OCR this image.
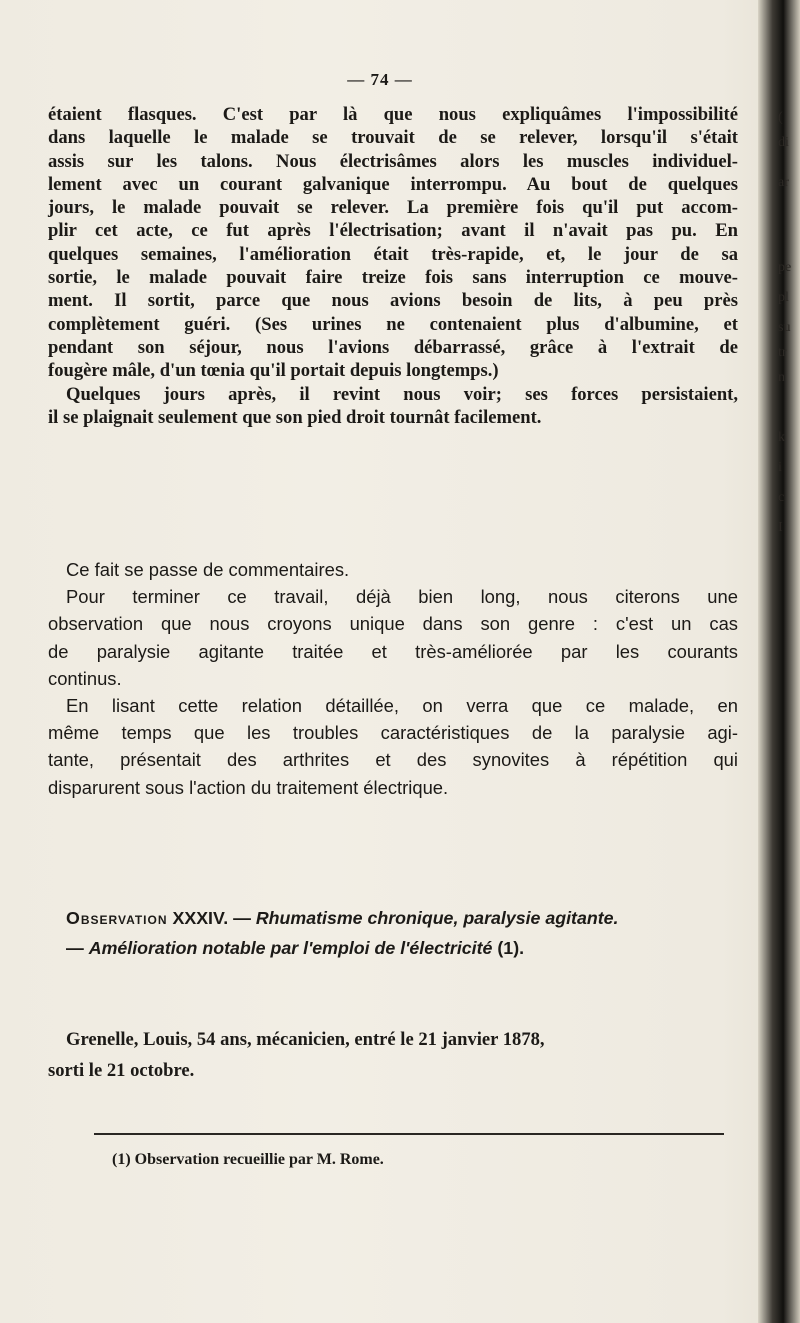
(
di
ar
pe
pl
su
tr
n
k
i
c
I
— 74 —
étaient flasques. C'est par là que nous expliquâmes l'impossibilité
dans laquelle le malade se trouvait de se relever, lorsqu'il s'était
assis sur les talons. Nous électrisâmes alors les muscles individuel-
lement avec un courant galvanique interrompu. Au bout de quelques
jours, le malade pouvait se relever. La première fois qu'il put accom-
plir cet acte, ce fut après l'électrisation; avant il n'avait pas pu. En
quelques semaines, l'amélioration était très-rapide, et, le jour de sa
sortie, le malade pouvait faire treize fois sans interruption ce mouve-
ment. Il sortit, parce que nous avions besoin de lits, à peu près
complètement guéri. (Ses urines ne contenaient plus d'albumine, et
pendant son séjour, nous l'avions débarrassé, grâce à l'extrait de
fougère mâle, d'un tœnia qu'il portait depuis longtemps.)
Quelques jours après, il revint nous voir; ses forces persistaient,
il se plaignait seulement que son pied droit tournât facilement.
Ce fait se passe de commentaires.
Pour terminer ce travail, déjà bien long, nous citerons une
observation que nous croyons unique dans son genre : c'est un cas
de paralysie agitante traitée et très-améliorée par les courants
continus.
En lisant cette relation détaillée, on verra que ce malade, en
même temps que les troubles caractéristiques de la paralysie agi-
tante, présentait des arthrites et des synovites à répétition qui
disparurent sous l'action du traitement électrique.
Observation XXXIV. — Rhumatisme chronique, paralysie agitante.
— Amélioration notable par l'emploi de l'électricité (1).
Grenelle, Louis, 54 ans, mécanicien, entré le 21 janvier 1878,
sorti le 21 octobre.
(1) Observation recueillie par M. Rome.
